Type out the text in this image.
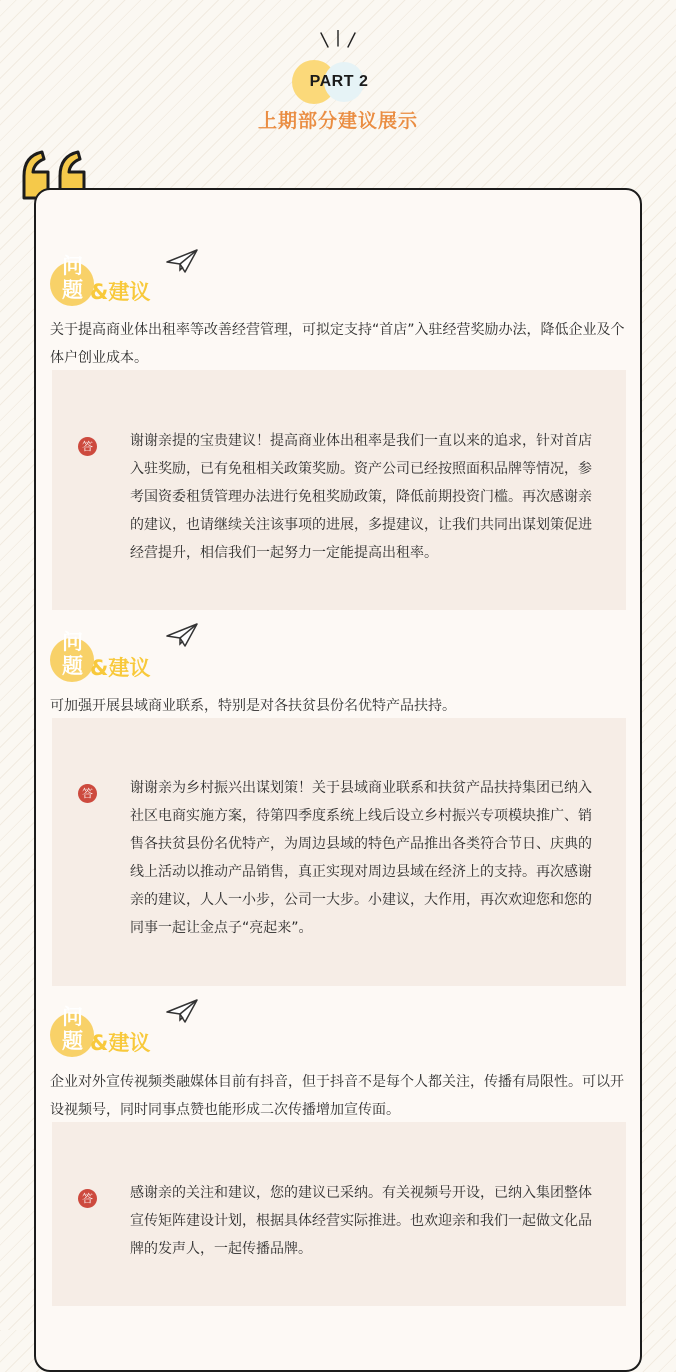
PART 2
上期部分建议展示
问
题 &建议
关于提高商业体出租率等改善经营管理，可拟定支持“首店”入驻经营奖励办法，降低企业及个体户创业成本。
答	谢谢亲提的宝贵建议！提高商业体出租率是我们一直以来的追求，针对首店入驻奖励，已有免租相关政策奖励。资产公司已经按照面积品牌等情况，参考国资委租赁管理办法进行免租奖励政策，降低前期投资门槛。再次感谢亲的建议，也请继续关注该事项的进展，多提建议，让我们共同出谋划策促进经营提升，相信我们一起努力一定能提高出租率。
问
题 &建议
可加强开展县域商业联系，特别是对各扶贫县份名优特产品扶持。
答	谢谢亲为乡村振兴出谋划策！关于县域商业联系和扶贫产品扶持集团已纳入社区电商实施方案，待第四季度系统上线后设立乡村振兴专项模块推广、销售各扶贫县份名优特产，为周边县域的特色产品推出各类符合节日、庆典的线上活动以推动产品销售，真正实现对周边县域在经济上的支持。再次感谢亲的建议，人人一小步，公司一大步。小建议，大作用，再次欢迎您和您的同事一起让金点子“亮起来”。
问
题 &建议
企业对外宣传视频类融媒体目前有抖音，但于抖音不是每个人都关注，传播有局限性。可以开设视频号，同时同事点赞也能形成二次传播增加宣传面。
答	感谢亲的关注和建议，您的建议已采纳。有关视频号开设，已纳入集团整体宣传矩阵建设计划，根据具体经营实际推进。也欢迎亲和我们一起做文化品牌的发声人，一起传播品牌。
